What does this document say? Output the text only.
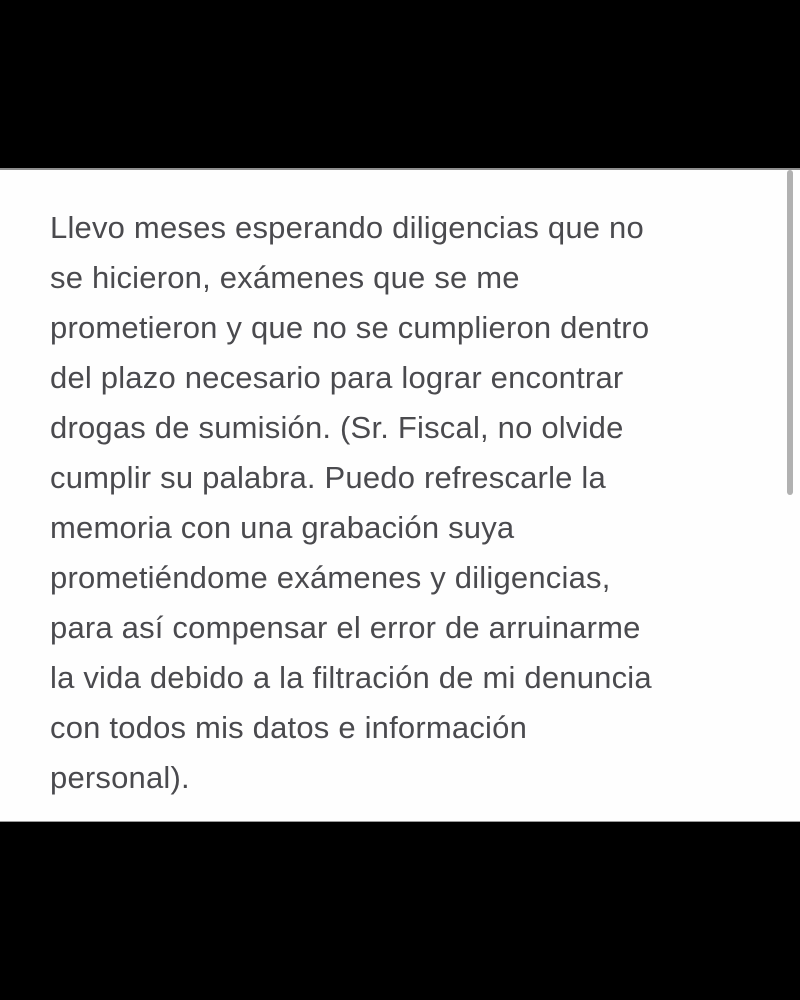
Llevo meses esperando diligencias que no
se hicieron, exámenes que se me
prometieron y que no se cumplieron dentro
del plazo necesario para lograr encontrar
drogas de sumisión. (Sr. Fiscal, no olvide
cumplir su palabra. Puedo refrescarle la
memoria con una grabación suya
prometiéndome exámenes y diligencias,
para así compensar el error de arruinarme
la vida debido a la filtración de mi denuncia
con todos mis datos e información
personal).
